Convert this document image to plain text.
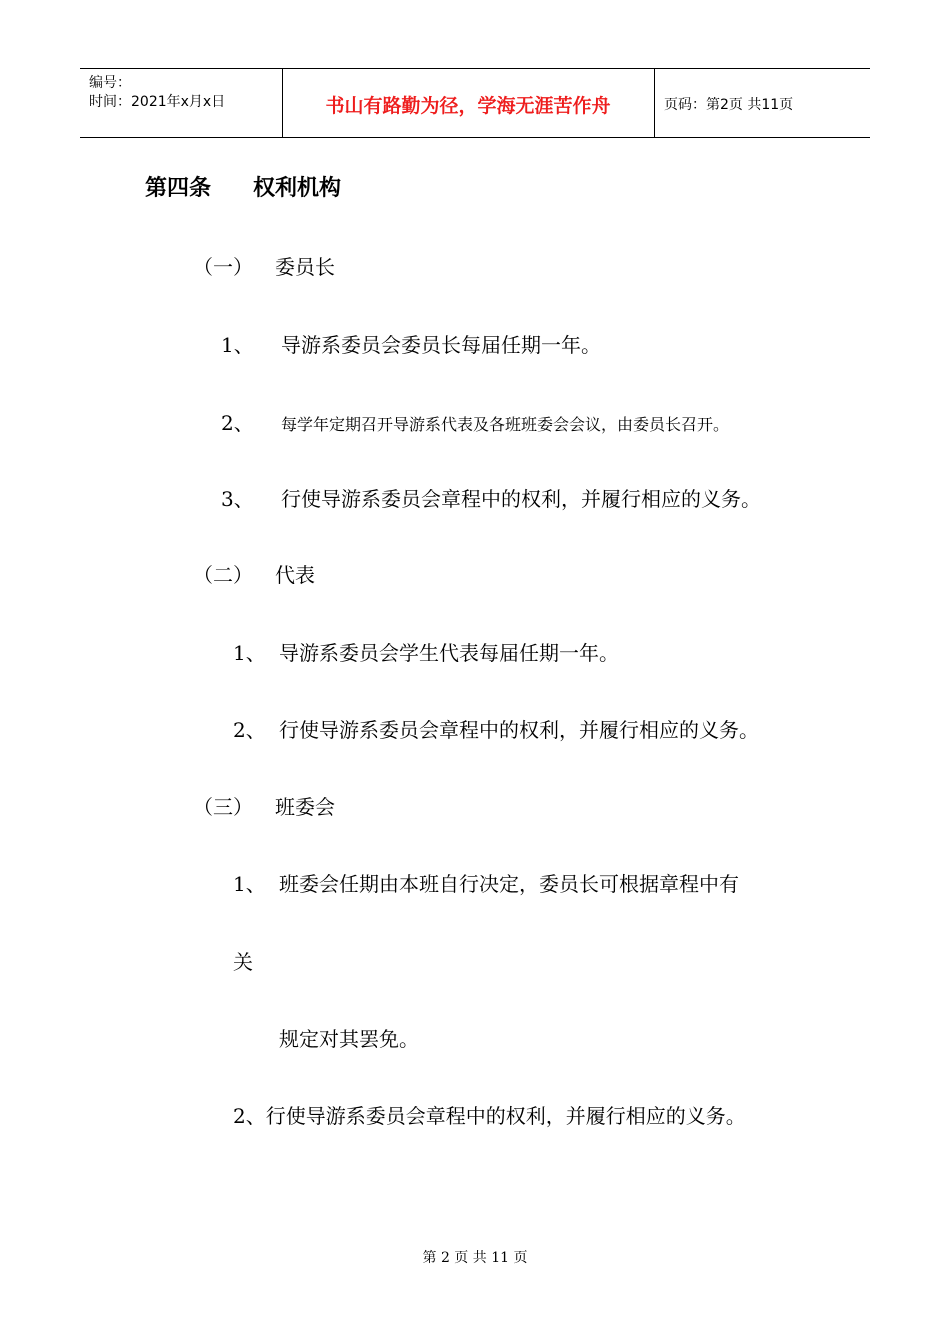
编号：
时间：2021年x月x日	书山有路勤为径，学海无涯苦作舟	页码：第2页 共11页
第四条 权利机构
（一） 委员长
1、 导游系委员会委员长每届任期一年。
2、 每学年定期召开导游系代表及各班班委会会议，由委员长召开。
3、 行使导游系委员会章程中的权利，并履行相应的义务。
（二） 代表
1、 导游系委员会学生代表每届任期一年。
2、 行使导游系委员会章程中的权利，并履行相应的义务。
（三） 班委会
1、 班委会任期由本班自行决定，委员长可根据章程中有
关
规定对其罢免。
2、行使导游系委员会章程中的权利，并履行相应的义务。
第 2 页 共 11 页
